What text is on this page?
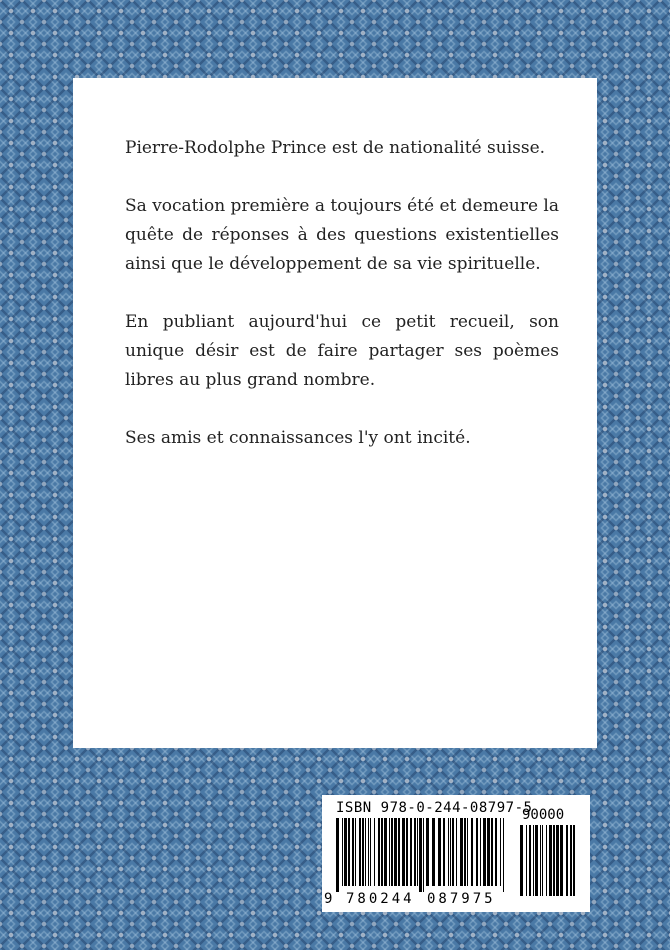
Pierre-Rodolphe Prince est de nationalité suisse.

Sa vocation première a toujours été et demeure la quête de réponses à des questions existentielles ainsi que le développement de sa vie spirituelle.

En publiant aujourd'hui ce petit recueil, son unique désir est de faire partager ses poèmes libres au plus grand nombre.

Ses amis et connaissances l'y ont incité.

ISBN 978-0-244-08797-5
90000
9 780244 087975
